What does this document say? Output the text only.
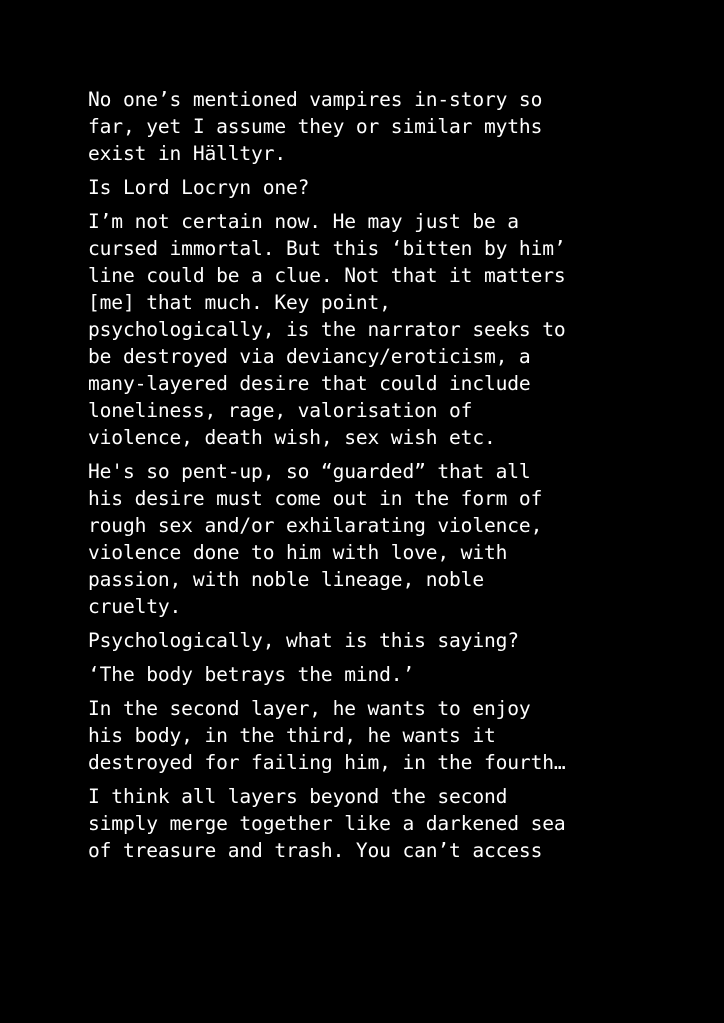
No one’s mentioned vampires in-story so
far, yet I assume they or similar myths
exist in Hälltyr.

Is Lord Locryn one?

I’m not certain now. He may just be a
cursed immortal. But this ‘bitten by him’
line could be a clue. Not that it matters
[me] that much. Key point,
psychologically, is the narrator seeks to
be destroyed via deviancy/eroticism, a
many-layered desire that could include
loneliness, rage, valorisation of
violence, death wish, sex wish etc.

He's so pent-up, so “guarded” that all
his desire must come out in the form of
rough sex and/or exhilarating violence,
violence done to him with love, with
passion, with noble lineage, noble
cruelty.

Psychologically, what is this saying?

‘The body betrays the mind.’

In the second layer, he wants to enjoy
his body, in the third, he wants it
destroyed for failing him, in the fourth…

I think all layers beyond the second
simply merge together like a darkened sea
of treasure and trash. You can’t access
